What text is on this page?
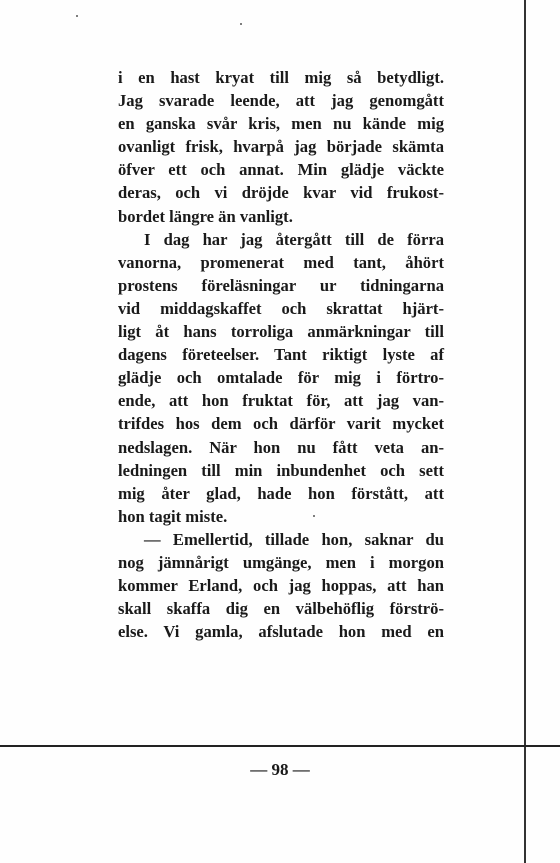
i en hast kryat till mig så betydligt.
Jag svarade leende, att jag genomgått
en ganska svår kris, men nu kände mig
ovanligt frisk, hvarpå jag började skämta
öfver ett och annat. Min glädje väckte
deras, och vi dröjde kvar vid frukost-
bordet längre än vanligt.
I dag har jag återgått till de förra
vanorna, promenerat med tant, åhört
prostens föreläsningar ur tidningarna
vid middagskaffet och skrattat hjärt-
ligt åt hans torroliga anmärkningar till
dagens företeelser. Tant riktigt lyste af
glädje och omtalade för mig i förtro-
ende, att hon fruktat för, att jag van-
trifdes hos dem och därför varit mycket
nedslagen. När hon nu fått veta an-
ledningen till min inbundenhet och sett
mig åter glad, hade hon förstått, att
hon tagit miste.
— Emellertid, tillade hon, saknar du
nog jämnårigt umgänge, men i morgon
kommer Erland, och jag hoppas, att han
skall skaffa dig en välbehöflig förströ-
else. Vi gamla, afslutade hon med en
— 98 —
